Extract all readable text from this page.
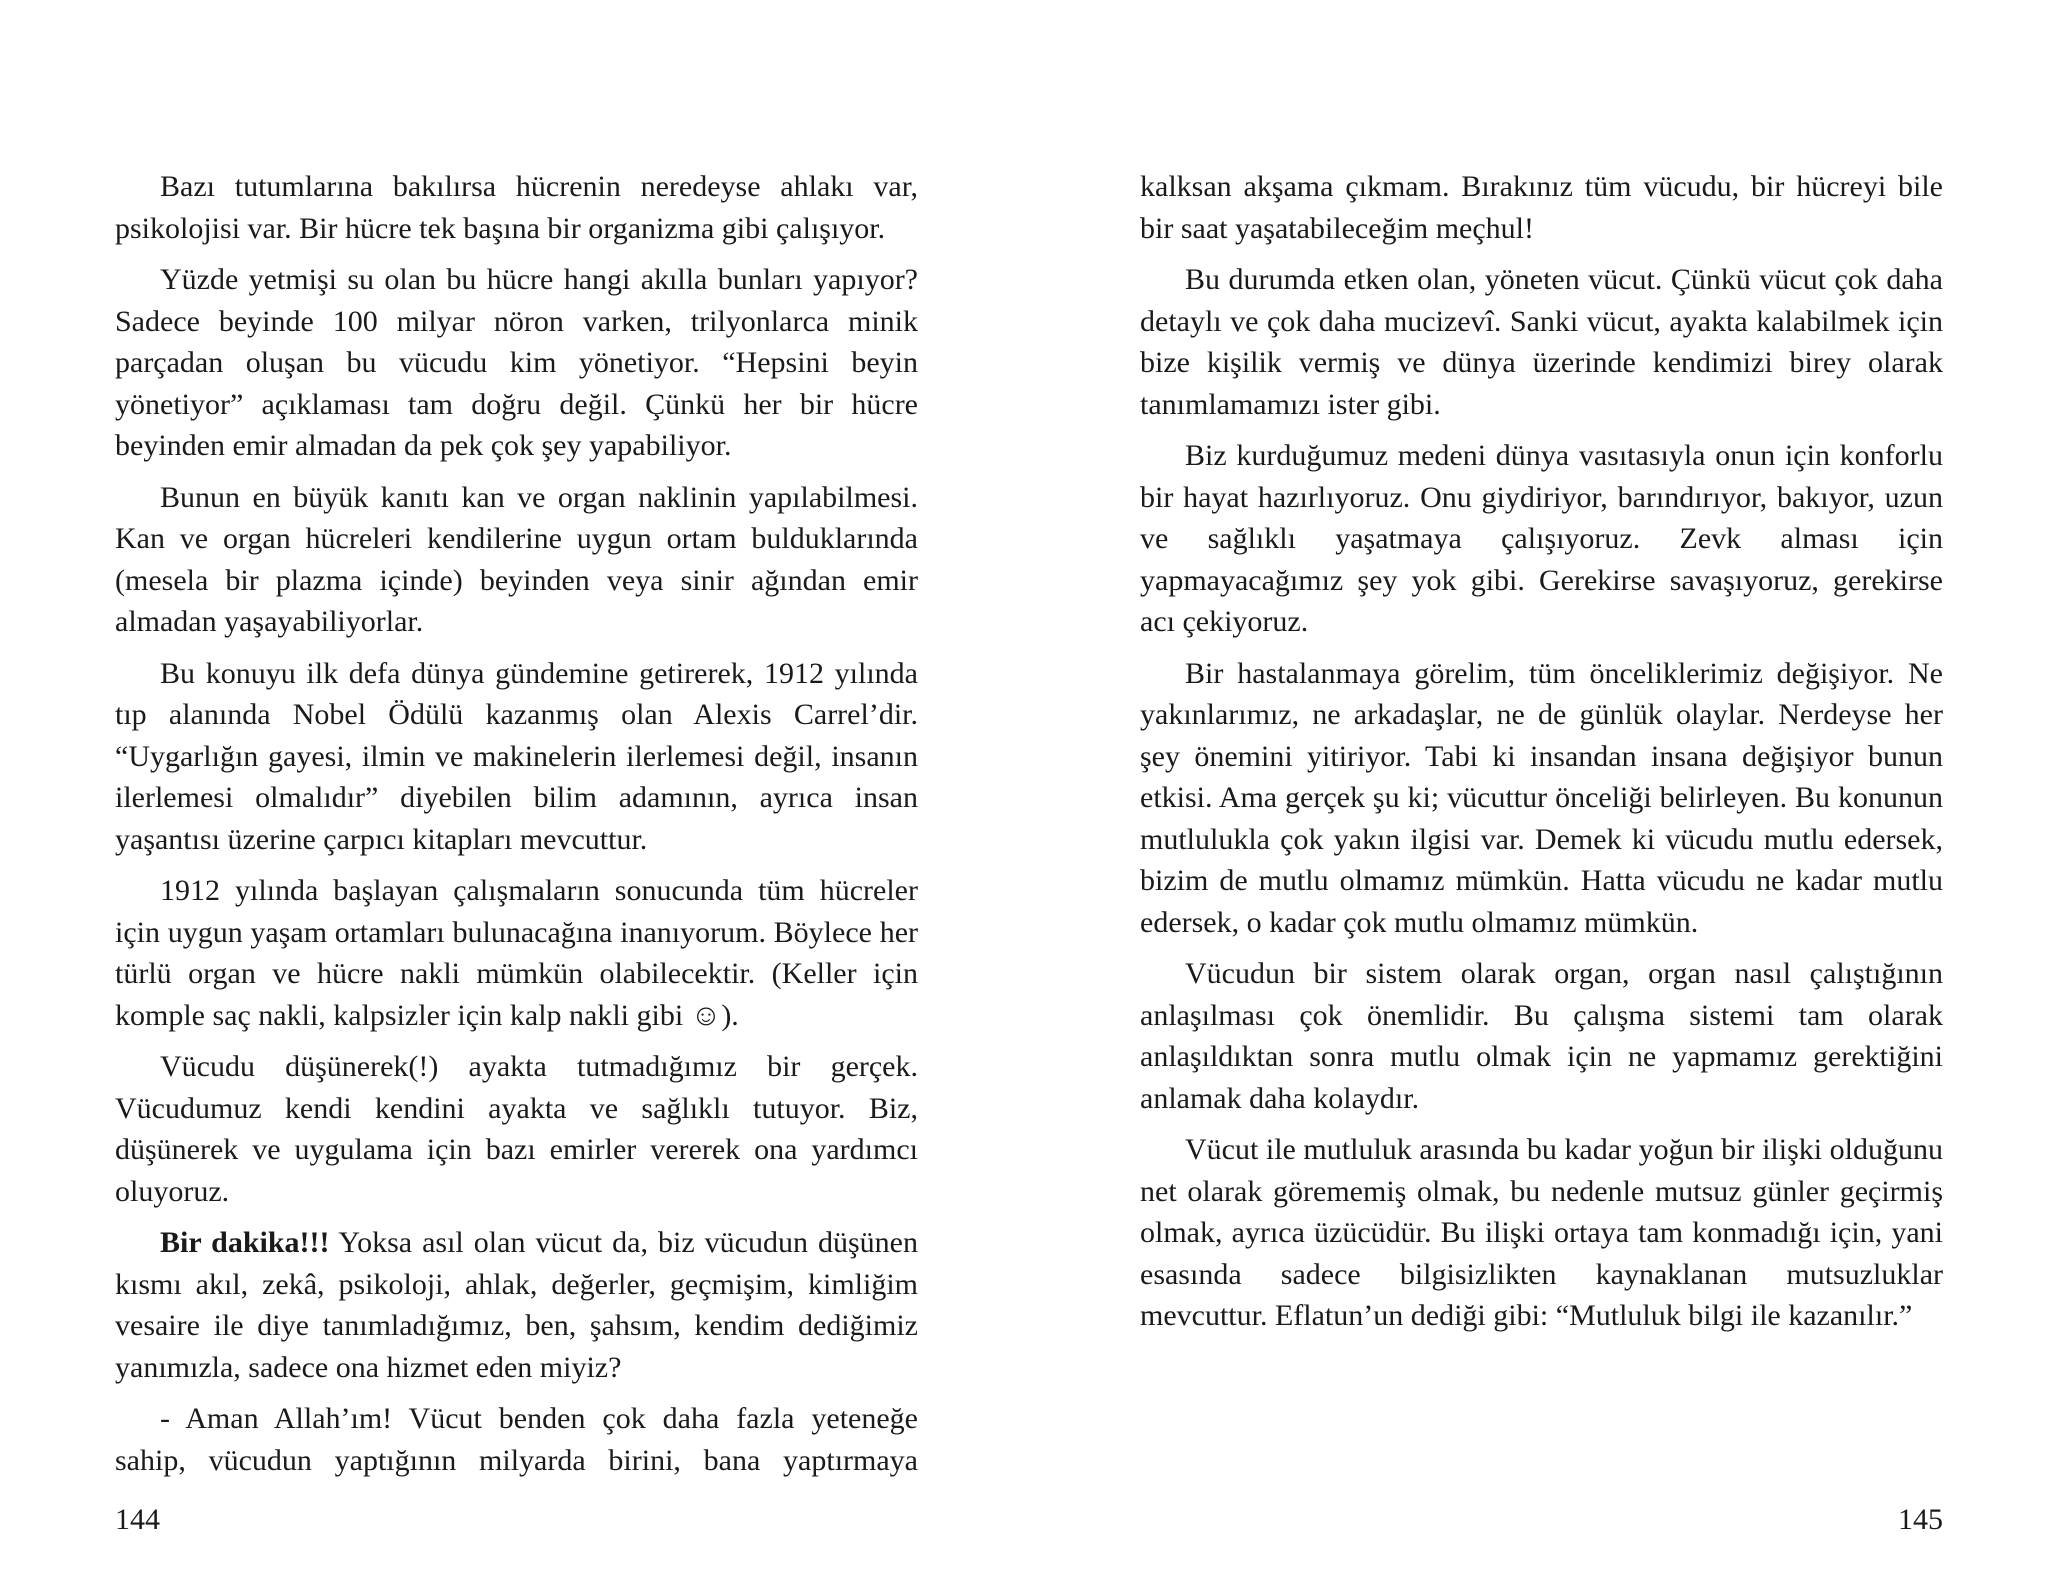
Bazı tutumlarına bakılırsa hücrenin neredeyse ahlakı var, psikolojisi var. Bir hücre tek başına bir organizma gibi çalışıyor.

Yüzde yetmişi su olan bu hücre hangi akılla bunları yapıyor? Sadece beyinde 100 milyar nöron varken, trilyonlarca minik parçadan oluşan bu vücudu kim yönetiyor. “Hepsini beyin yönetiyor” açıklaması tam doğru değil. Çünkü her bir hücre beyinden emir almadan da pek çok şey yapabiliyor.

Bunun en büyük kanıtı kan ve organ naklinin yapılabilmesi. Kan ve organ hücreleri kendilerine uygun ortam bulduklarında (mesela bir plazma içinde) beyinden veya sinir ağından emir almadan yaşayabiliyorlar.

Bu konuyu ilk defa dünya gündemine getirerek, 1912 yılında tıp alanında Nobel Ödülü kazanmış olan Alexis Carrel’dir. “Uygarlığın gayesi, ilmin ve makinelerin ilerlemesi değil, insanın ilerlemesi olmalıdır” diyebilen bilim adamının, ayrıca insan yaşantısı üzerine çarpıcı kitapları mevcuttur.

1912 yılında başlayan çalışmaların sonucunda tüm hücreler için uygun yaşam ortamları bulunacağına inanıyorum. Böylece her türlü organ ve hücre nakli mümkün olabilecektir. (Keller için komple saç nakli, kalpsizler için kalp nakli gibi ☺).

Vücudu düşünerek(!) ayakta tutmadığımız bir gerçek. Vücudumuz kendi kendini ayakta ve sağlıklı tutuyor. Biz, düşünerek ve uygulama için bazı emirler vererek ona yardımcı oluyoruz.

Bir dakika!!! Yoksa asıl olan vücut da, biz vücudun düşünen kısmı akıl, zekâ, psikoloji, ahlak, değerler, geçmişim, kimliğim vesaire ile diye tanımladığımız, ben, şahsım, kendim dediğimiz yanımızla, sadece ona hizmet eden miyiz?

- Aman Allah’ım! Vücut benden çok daha fazla yeteneğe sahip, vücudun yaptığının milyarda birini, bana yaptırmaya

144

kalksan akşama çıkmam. Bırakınız tüm vücudu, bir hücreyi bile bir saat yaşatabileceğim meçhul!

Bu durumda etken olan, yöneten vücut. Çünkü vücut çok daha detaylı ve çok daha mucizevî. Sanki vücut, ayakta kalabilmek için bize kişilik vermiş ve dünya üzerinde kendimizi birey olarak tanımlamamızı ister gibi.

Biz kurduğumuz medeni dünya vasıtasıyla onun için konforlu bir hayat hazırlıyoruz. Onu giydiriyor, barındırıyor, bakıyor, uzun ve sağlıklı yaşatmaya çalışıyoruz. Zevk alması için yapmayacağımız şey yok gibi. Gerekirse savaşıyoruz, gerekirse acı çekiyoruz.

Bir hastalanmaya görelim, tüm önceliklerimiz değişiyor. Ne yakınlarımız, ne arkadaşlar, ne de günlük olaylar. Nerdeyse her şey önemini yitiriyor. Tabi ki insandan insana değişiyor bunun etkisi. Ama gerçek şu ki; vücuttur önceliği belirleyen. Bu konunun mutlulukla çok yakın ilgisi var. Demek ki vücudu mutlu edersek, bizim de mutlu olmamız mümkün. Hatta vücudu ne kadar mutlu edersek, o kadar çok mutlu olmamız mümkün.

Vücudun bir sistem olarak organ, organ nasıl çalıştığının anlaşılması çok önemlidir. Bu çalışma sistemi tam olarak anlaşıldıktan sonra mutlu olmak için ne yapmamız gerektiğini anlamak daha kolaydır.

Vücut ile mutluluk arasında bu kadar yoğun bir ilişki olduğunu net olarak görememiş olmak, bu nedenle mutsuz günler geçirmiş olmak, ayrıca üzücüdür. Bu ilişki ortaya tam konmadığı için, yani esasında sadece bilgisizlikten kaynaklanan mutsuzluklar mevcuttur. Eflatun’un dediği gibi: “Mutluluk bilgi ile kazanılır.”

145
